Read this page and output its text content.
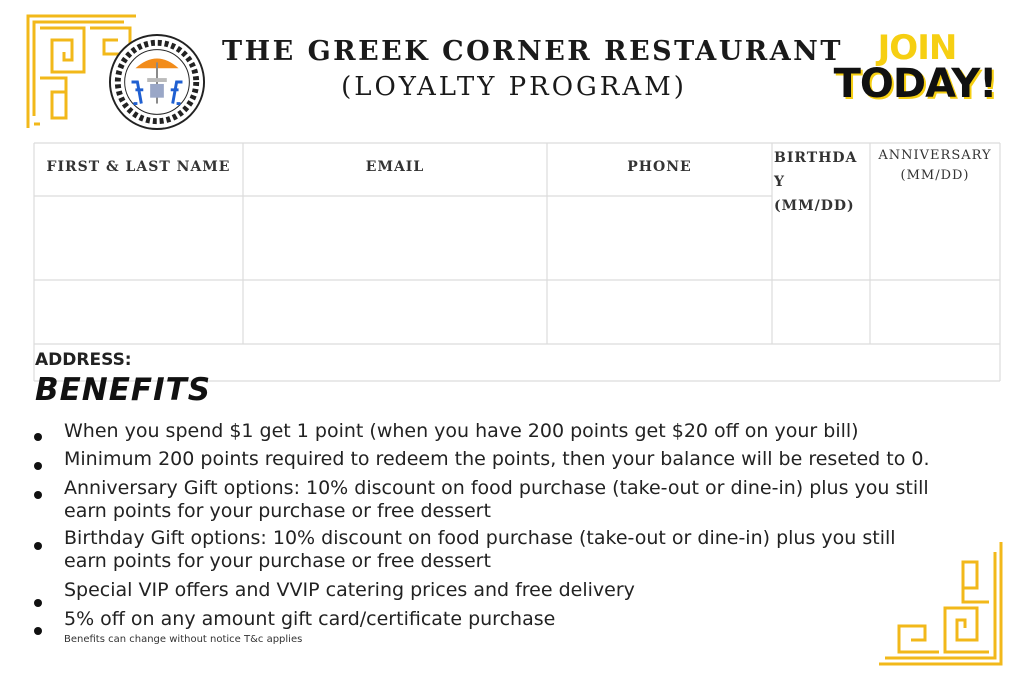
THE GREEK CORNER RESTAURANT
(LOYALTY PROGRAM)
JOIN
TODAY!
FIRST & LAST NAME	EMAIL	PHONE
BIRTHDA
Y
(MM/DD)
ANNIVERSARY
(MM/DD)
ADDRESS:
BENEFITS
When you spend $1 get 1 point (when you have 200 points get $20 off on your bill)
Minimum 200 points required to redeem the points, then your balance will be reseted to 0.
Anniversary Gift options: 10% discount on food purchase (take-out or dine-in) plus you still
earn points for your purchase or free dessert
Birthday Gift options: 10% discount on food purchase (take-out or dine-in) plus you still
earn points for your purchase or free dessert
Special VIP offers and VVIP catering prices and free delivery
5% off on any amount gift card/certificate purchase
Benefits can change without notice T&c applies
